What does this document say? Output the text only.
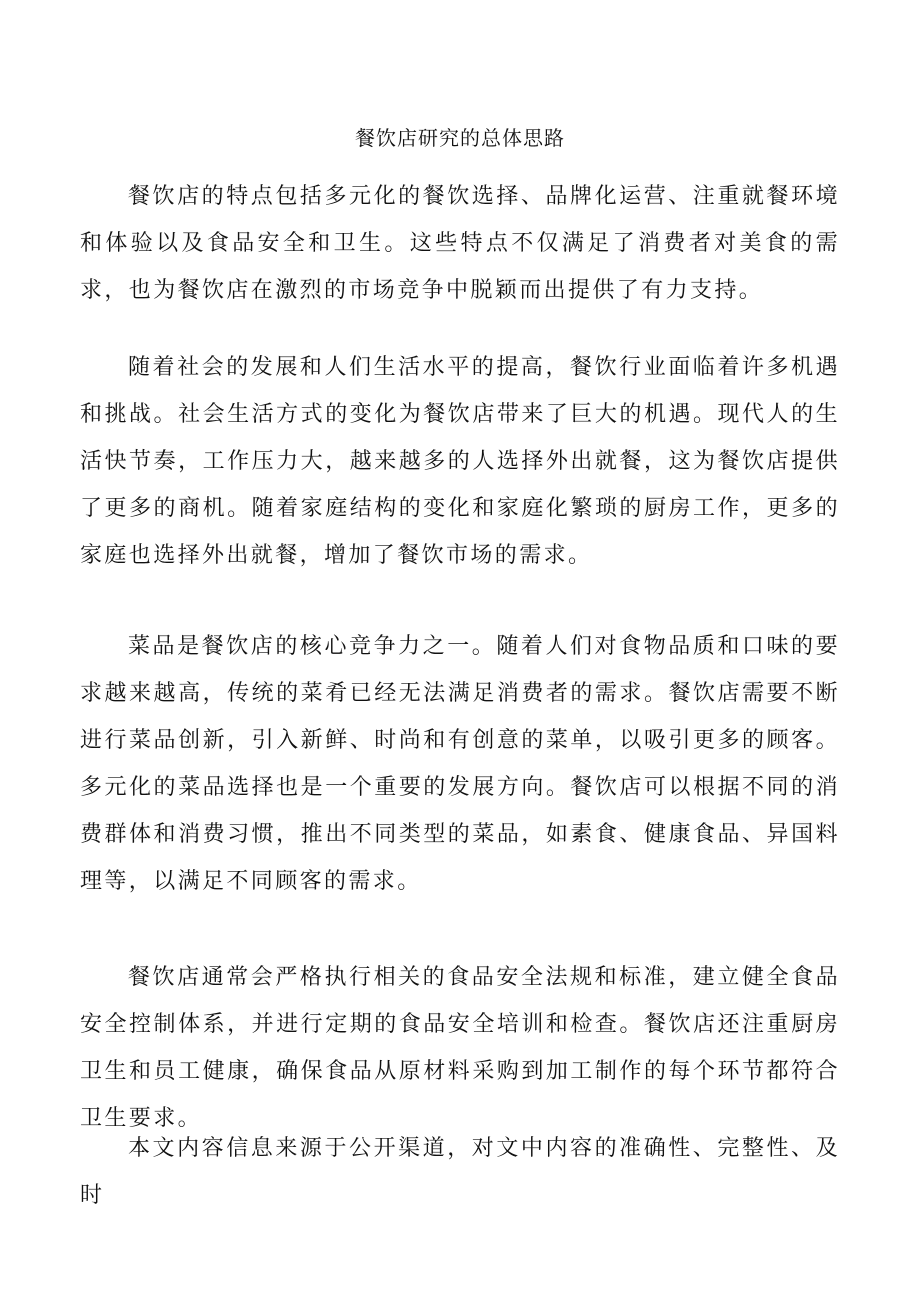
餐饮店研究的总体思路

餐饮店的特点包括多元化的餐饮选择、品牌化运营、注重就餐环境和体验以及食品安全和卫生。这些特点不仅满足了消费者对美食的需求，也为餐饮店在激烈的市场竞争中脱颖而出提供了有力支持。

随着社会的发展和人们生活水平的提高，餐饮行业面临着许多机遇和挑战。社会生活方式的变化为餐饮店带来了巨大的机遇。现代人的生活快节奏，工作压力大，越来越多的人选择外出就餐，这为餐饮店提供了更多的商机。随着家庭结构的变化和家庭化繁琐的厨房工作，更多的家庭也选择外出就餐，增加了餐饮市场的需求。

菜品是餐饮店的核心竞争力之一。随着人们对食物品质和口味的要求越来越高，传统的菜肴已经无法满足消费者的需求。餐饮店需要不断进行菜品创新，引入新鲜、时尚和有创意的菜单，以吸引更多的顾客。多元化的菜品选择也是一个重要的发展方向。餐饮店可以根据不同的消费群体和消费习惯，推出不同类型的菜品，如素食、健康食品、异国料理等，以满足不同顾客的需求。

餐饮店通常会严格执行相关的食品安全法规和标准，建立健全食品安全控制体系，并进行定期的食品安全培训和检查。餐饮店还注重厨房卫生和员工健康，确保食品从原材料采购到加工制作的每个环节都符合卫生要求。

本文内容信息来源于公开渠道，对文中内容的准确性、完整性、及时
